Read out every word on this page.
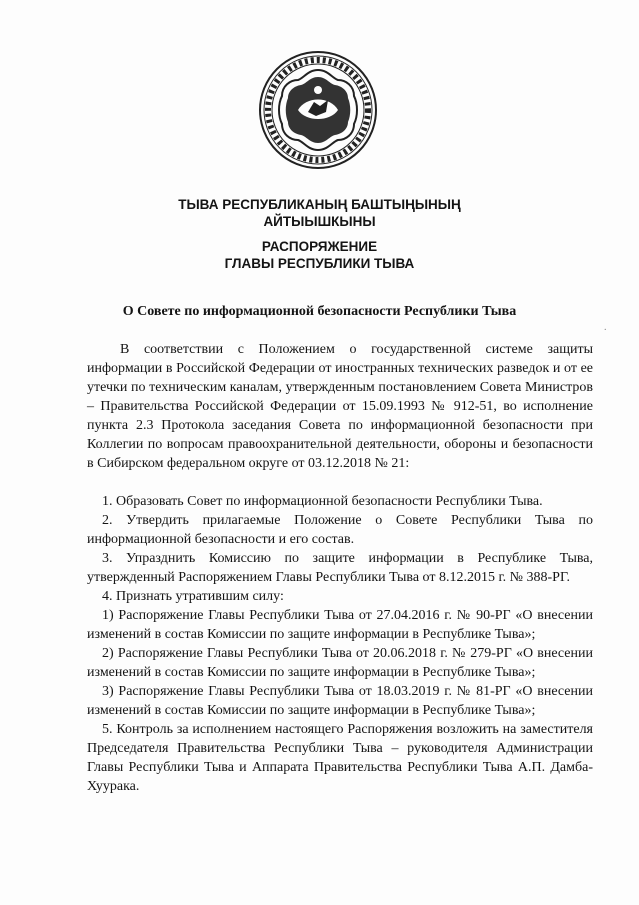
ТЫВА РЕСПУБЛИКАНЫҢ БАШТЫҢЫНЫҢ
АЙТЫЫШКЫНЫ
РАСПОРЯЖЕНИЕ
ГЛАВЫ РЕСПУБЛИКИ ТЫВА
О Совете по информационной безопасности Республики Тыва
.

В соответствии с Положением о государственной системе защиты информации в Российской Федерации от иностранных технических разведок и от ее утечки по техническим каналам, утвержденным постановлением Совета Министров – Правительства Российской Федерации от 15.09.1993 № 912-51, во исполнение пункта 2.3 Протокола заседания Совета по информационной безопасности при Коллегии по вопросам правоохранительной деятельности, обороны и безопасности в Сибирском федеральном округе от 03.12.2018 № 21:

1. Образовать Совет по информационной безопасности Республики Тыва.

2. Утвердить прилагаемые Положение о Совете Республики Тыва по информационной безопасности и его состав.

3. Упразднить Комиссию по защите информации в Республике Тыва, утвержденный Распоряжением Главы Республики Тыва от 8.12.2015 г. № 388-РГ.

4. Признать утратившим силу:

1) Распоряжение Главы Республики Тыва от 27.04.2016 г. № 90-РГ «О внесении изменений в состав Комиссии по защите информации в Республике Тыва»;

2) Распоряжение Главы Республики Тыва от 20.06.2018 г. № 279-РГ «О внесении изменений в состав Комиссии по защите информации в Республике Тыва»;

3) Распоряжение Главы Республики Тыва от 18.03.2019 г. № 81-РГ «О внесении изменений в состав Комиссии по защите информации в Республике Тыва»;

5. Контроль за исполнением настоящего Распоряжения возложить на заместителя Председателя Правительства Республики Тыва – руководителя Администрации Главы Республики Тыва и Аппарата Правительства Республики Тыва А.П. Дамба-Хуурака.
